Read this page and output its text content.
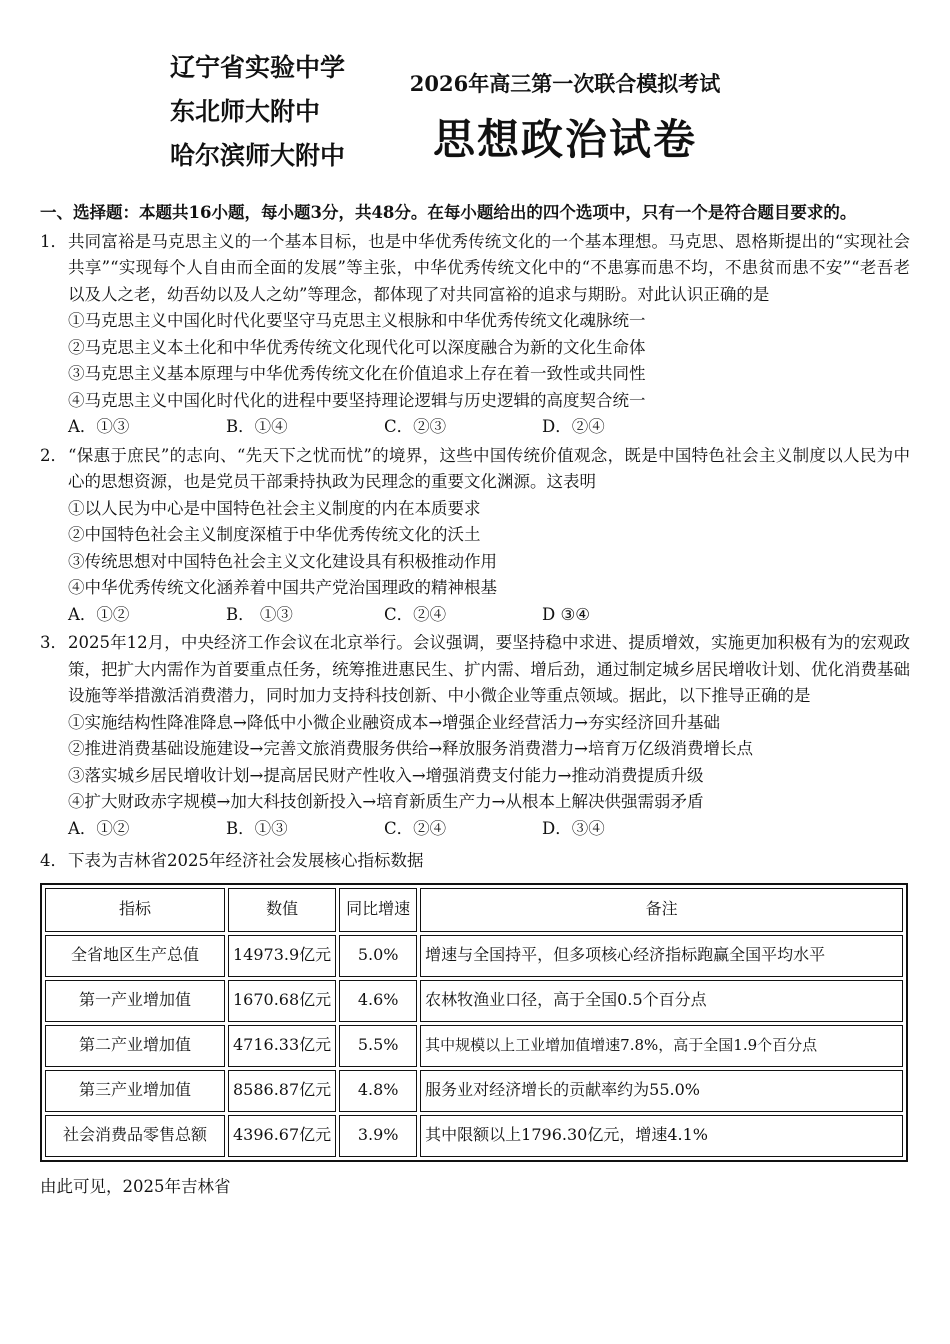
辽宁省实验中学
东北师大附中
哈尔滨师大附中
2026年高三第一次联合模拟考试
思想政治试卷
一、选择题：本题共16小题，每小题3分，共48分。在每小题给出的四个选项中，只有一个是符合题目要求的。
1． 共同富裕是马克思主义的一个基本目标，也是中华优秀传统文化的一个基本理想。马克思、恩格斯提出的“实现社会共享”“实现每个人自由而全面的发展”等主张，中华优秀传统文化中的“不患寡而患不均，不患贫而患不安”“老吾老以及人之老，幼吾幼以及人之幼”等理念，都体现了对共同富裕的追求与期盼。对此认识正确的是
①马克思主义中国化时代化要坚守马克思主义根脉和中华优秀传统文化魂脉统一
②马克思主义本土化和中华优秀传统文化现代化可以深度融合为新的文化生命体
③马克思主义基本原理与中华优秀传统文化在价值追求上存在着一致性或共同性
④马克思主义中国化时代化的进程中要坚持理论逻辑与历史逻辑的高度契合统一
A．①③	B．①④	C．②③	D．②④
2． “保惠于庶民”的志向、“先天下之忧而忧”的境界，这些中国传统价值观念，既是中国特色社会主义制度以人民为中心的思想资源，也是党员干部秉持执政为民理念的重要文化渊源。这表明
①以人民为中心是中国特色社会主义制度的内在本质要求
②中国特色社会主义制度深植于中华优秀传统文化的沃土
③传统思想对中国特色社会主义文化建设具有积极推动作用
④中华优秀传统文化涵养着中国共产党治国理政的精神根基
A．①②	B． ①③	C．②④	D ③④
3． 2025年12月，中央经济工作会议在北京举行。会议强调，要坚持稳中求进、提质增效，实施更加积极有为的宏观政策，把扩大内需作为首要重点任务，统筹推进惠民生、扩内需、增后劲，通过制定城乡居民增收计划、优化消费基础设施等举措激活消费潜力，同时加力支持科技创新、中小微企业等重点领域。据此，以下推导正确的是
①实施结构性降准降息→降低中小微企业融资成本→增强企业经营活力→夯实经济回升基础
②推进消费基础设施建设→完善文旅消费服务供给→释放服务消费潜力→培育万亿级消费增长点
③落实城乡居民增收计划→提高居民财产性收入→增强消费支付能力→推动消费提质升级
④扩大财政赤字规模→加大科技创新投入→培育新质生产力→从根本上解决供强需弱矛盾
A．①②	B．①③	C．②④	D．③④
4． 下表为吉林省2025年经济社会发展核心指标数据
指标	数值	同比增速	备注
全省地区生产总值	14973.9亿元	5.0%	增速与全国持平，但多项核心经济指标跑赢全国平均水平
第一产业增加值	1670.68亿元	4.6%	农林牧渔业口径，高于全国0.5个百分点
第二产业增加值	4716.33亿元	5.5%	其中规模以上工业增加值增速7.8%，高于全国1.9个百分点
第三产业增加值	8586.87亿元	4.8%	服务业对经济增长的贡献率约为55.0%
社会消费品零售总额	4396.67亿元	3.9%	其中限额以上1796.30亿元，增速4.1%
由此可见，2025年吉林省
